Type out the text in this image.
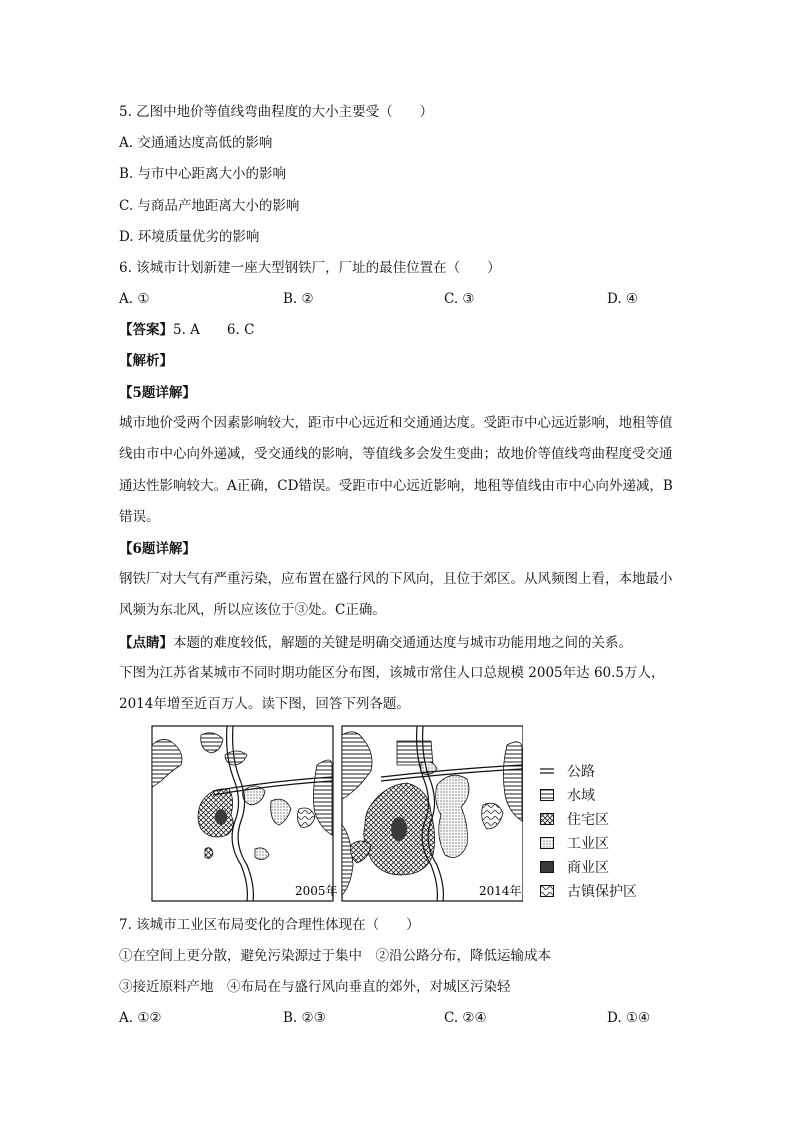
5. 乙图中地价等值线弯曲程度的大小主要受（　　）
A. 交通通达度高低的影响
B. 与市中心距离大小的影响
C. 与商品产地距离大小的影响
D. 环境质量优劣的影响
6. 该城市计划新建一座大型钢铁厂，厂址的最佳位置在（　　）
A. ①	B. ②	C. ③	D. ④
【答案】5. A　　6. C
【解析】
【5题详解】
城市地价受两个因素影响较大，距市中心远近和交通通达度。受距市中心远近影响，地租等值线由市中心向外递减，受交通线的影响，等值线多会发生变曲；故地价等值线弯曲程度受交通通达性影响较大。A正确，CD错误。受距市中心远近影响，地租等值线由市中心向外递减，B错误。
【6题详解】
钢铁厂对大气有严重污染，应布置在盛行风的下风向，且位于郊区。从风频图上看，本地最小风频为东北风，所以应该位于③处。C正确。
【点睛】本题的难度较低，解题的关键是明确交通通达度与城市功能用地之间的关系。
下图为江苏省某城市不同时期功能区分布图，该城市常住人口总规模 2005年达 60.5万人，2014年增至近百万人。读下图，回答下列各题。
2005年	2014年
公路
水域
住宅区
工业区
商业区
古镇保护区
7. 该城市工业区布局变化的合理性体现在（　　）
①在空间上更分散，避免污染源过于集中　②沿公路分布，降低运输成本
③接近原料产地　④布局在与盛行风向垂直的郊外，对城区污染轻
A. ①②	B. ②③	C. ②④	D. ①④
